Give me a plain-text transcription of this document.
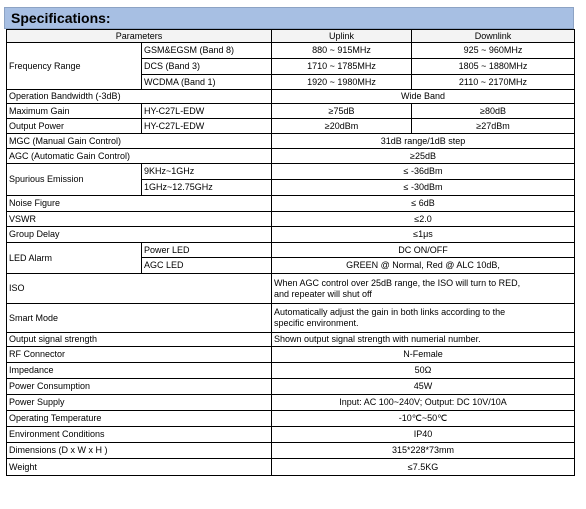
Specifications:
Parameters		Uplink	Downlink
Frequency Range	GSM&EGSM (Band 8)	880 ~ 915MHz	925 ~ 960MHz
	DCS (Band 3)	1710 ~ 1785MHz	1805 ~ 1880MHz
	WCDMA (Band 1)	1920 ~ 1980MHz	2110 ~ 2170MHz
Operation Bandwidth (-3dB)		Wide Band	
Maximum Gain	HY-C27L-EDW	≥75dB	≥80dB
Output Power	HY-C27L-EDW	≥20dBm	≥27dBm
MGC (Manual Gain Control)		31dB range/1dB step	
AGC (Automatic Gain Control)		≥25dB	
Spurious Emission	9KHz~1GHz	≤ -36dBm	
	1GHz~12.75GHz	≤ -30dBm	
Noise Figure		≤ 6dB	
VSWR		≤2.0	
Group Delay		≤1μs	
LED Alarm	Power LED	DC ON/OFF	
	AGC LED	GREEN @ Normal, Red @ ALC 10dB,	
ISO		When AGC control over 25dB range, the ISO will turn to RED,
and repeater will shut off	

Smart Mode		Automatically adjust the gain in both links according to the
specific environment.	

Output signal strength		Shown output signal strength with numerial number.	
RF Connector		N-Female	
Impedance		50Ω	
Power Consumption		45W	
Power Supply		Input: AC 100~240V; Output: DC 10V/10A	
Operating Temperature		-10℃~50℃	
Environment Conditions		IP40	
Dimensions (D x W x H )		315*228*73mm	
Weight		≤7.5KG	
